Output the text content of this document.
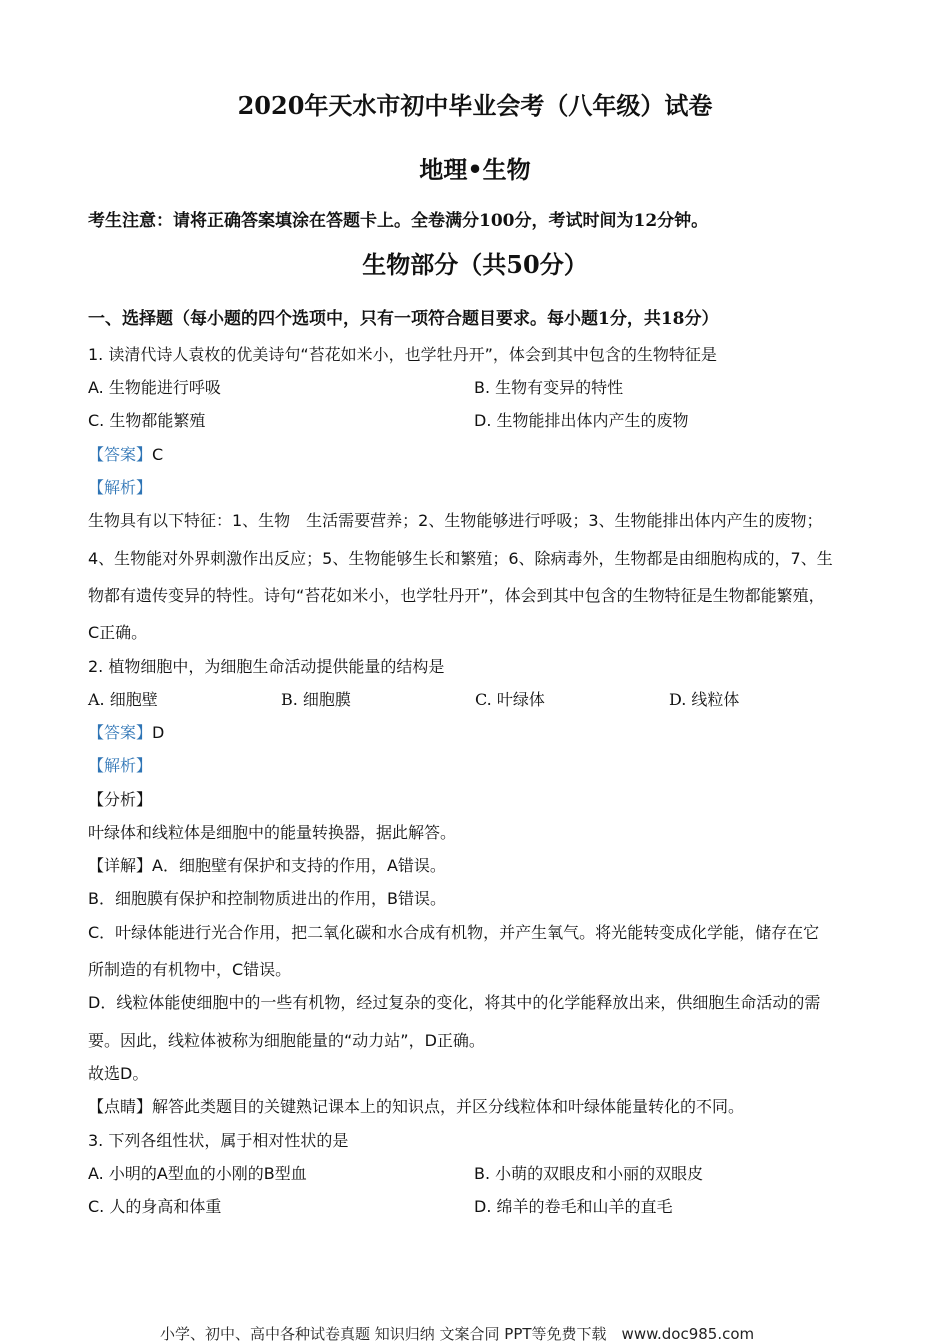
2020年天水市初中毕业会考（八年级）试卷
地理•生物
考生注意：请将正确答案填涂在答题卡上。全卷满分100分，考试时间为12分钟。
生物部分（共50分）
一、选择题（每小题的四个选项中，只有一项符合题目要求。每小题1分，共18分）
1. 读清代诗人袁枚的优美诗句“苔花如米小，也学牡丹开”，体会到其中包含的生物特征是
A. 生物能进行呼吸	B. 生物有变异的特性
C. 生物都能繁殖	D. 生物能排出体内产生的废物
【答案】C
【解析】
生物具有以下特征：1、生物　生活需要营养；2、生物能够进行呼吸；3、生物能排出体内产生的废物；
4、生物能对外界刺激作出反应；5、生物能够生长和繁殖；6、除病毒外，生物都是由细胞构成的，7、生
物都有遗传变异的特性。诗句“苔花如米小，也学牡丹开”，体会到其中包含的生物特征是生物都能繁殖，
C正确。
2. 植物细胞中，为细胞生命活动提供能量的结构是
A. 细胞壁	B. 细胞膜	C. 叶绿体	D. 线粒体
【答案】D
【解析】
【分析】
叶绿体和线粒体是细胞中的能量转换器，据此解答。
【详解】A．细胞壁有保护和支持的作用，A错误。
B．细胞膜有保护和控制物质进出的作用，B错误。
C．叶绿体能进行光合作用，把二氧化碳和水合成有机物，并产生氧气。将光能转变成化学能，储存在它
所制造的有机物中，C错误。
D．线粒体能使细胞中的一些有机物，经过复杂的变化，将其中的化学能释放出来，供细胞生命活动的需
要。因此，线粒体被称为细胞能量的“动力站”，D正确。
故选D。
【点睛】解答此类题目的关键熟记课本上的知识点，并区分线粒体和叶绿体能量转化的不同。
3. 下列各组性状，属于相对性状的是
A. 小明的A型血的小刚的B型血	B. 小萌的双眼皮和小丽的双眼皮
C. 人的身高和体重	D. 绵羊的卷毛和山羊的直毛
小学、初中、高中各种试卷真题 知识归纳 文案合同 PPT等免费下载　www.doc985.com
